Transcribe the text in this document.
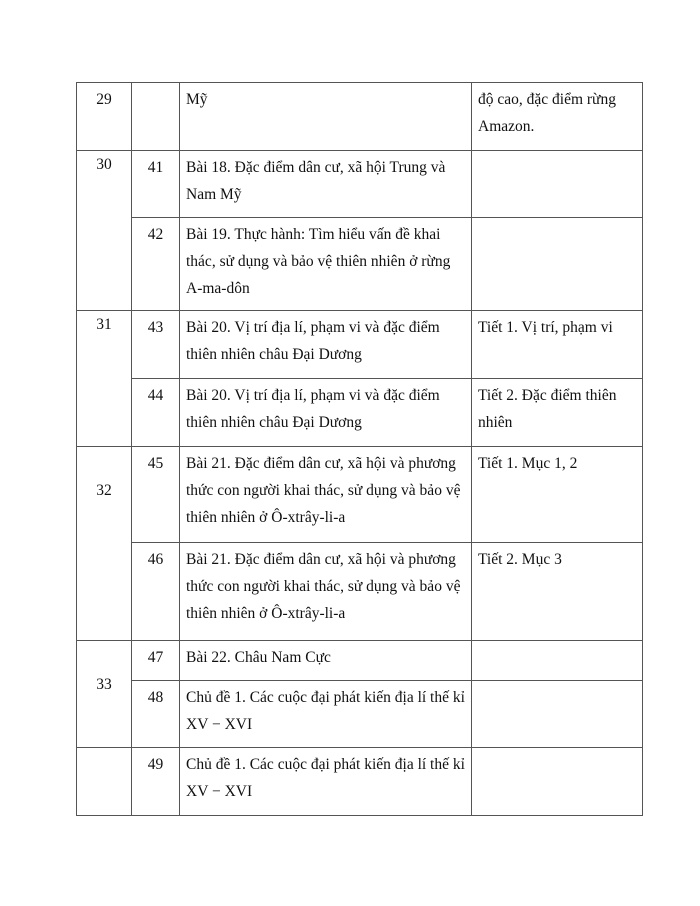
29		Mỹ	độ cao, đặc điểm rừng Amazon.
30	41	Bài 18. Đặc điểm dân cư, xã hội Trung và Nam Mỹ	
	42	Bài 19. Thực hành: Tìm hiểu vấn đề khai thác, sử dụng và bảo vệ thiên nhiên ở rừng A-ma-dôn	
31	43	Bài 20. Vị trí địa lí, phạm vi và đặc điểm thiên nhiên châu Đại Dương	Tiết 1. Vị trí, phạm vi
	44	Bài 20. Vị trí địa lí, phạm vi và đặc điểm thiên nhiên châu Đại Dương	Tiết 2. Đặc điểm thiên nhiên
32	45	Bài 21. Đặc điểm dân cư, xã hội và phương thức con người khai thác, sử dụng và bảo vệ thiên nhiên ở Ô-xtrây-li-a	Tiết 1. Mục 1, 2
	46	Bài 21. Đặc điểm dân cư, xã hội và phương thức con người khai thác, sử dụng và bảo vệ thiên nhiên ở Ô-xtrây-li-a	Tiết 2. Mục 3
33	47	Bài 22. Châu Nam Cực	
	48	Chủ đề 1. Các cuộc đại phát kiến địa lí thế kỉ XV − XVI	
	49	Chủ đề 1. Các cuộc đại phát kiến địa lí thế kỉ XV − XVI	
